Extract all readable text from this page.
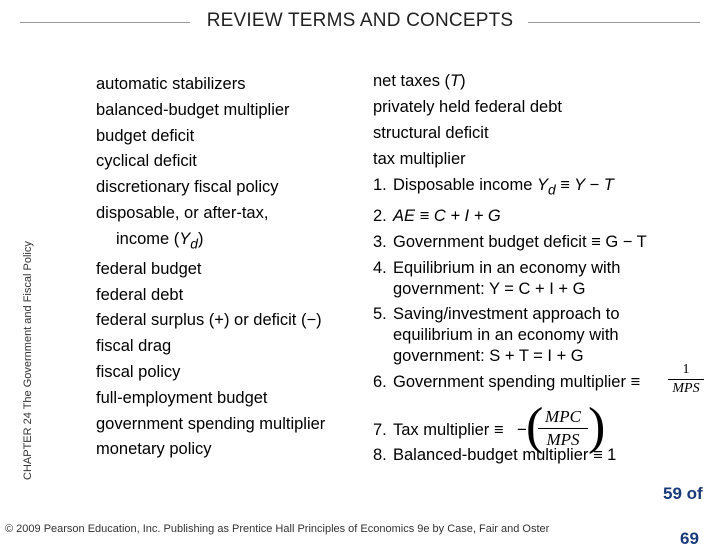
REVIEW TERMS AND CONCEPTS
CHAPTER 24 The Government and Fiscal Policy
automatic stabilizers
balanced-budget multiplier
budget deficit
cyclical deficit
discretionary fiscal policy
disposable, or after-tax,
income $(Y_d)$
federal budget
federal debt
federal surplus (+) or deficit (−)
fiscal drag
fiscal policy
full-employment budget
government spending multiplier
monetary policy
net taxes (T)
privately held federal debt
structural deficit
tax multiplier
1. Disposable income $Y_d \equiv Y - T$
2. AE ≡ C + I + G
3. Government budget deficit ≡ G − T
4. Equilibrium in an economy with
government: Y = C + I + G
5. Saving/investment approach to
equilibrium in an economy with
government: S + T = I + G
6. Government spending multiplier ≡
1
MPS
7. Tax multiplier ≡ − ( MPC
MPS )
8. Balanced-budget multiplier ≡ 1
© 2009 Pearson Education, Inc. Publishing as Prentice Hall Principles of Economics 9e by Case, Fair and Oster
59 of
69
